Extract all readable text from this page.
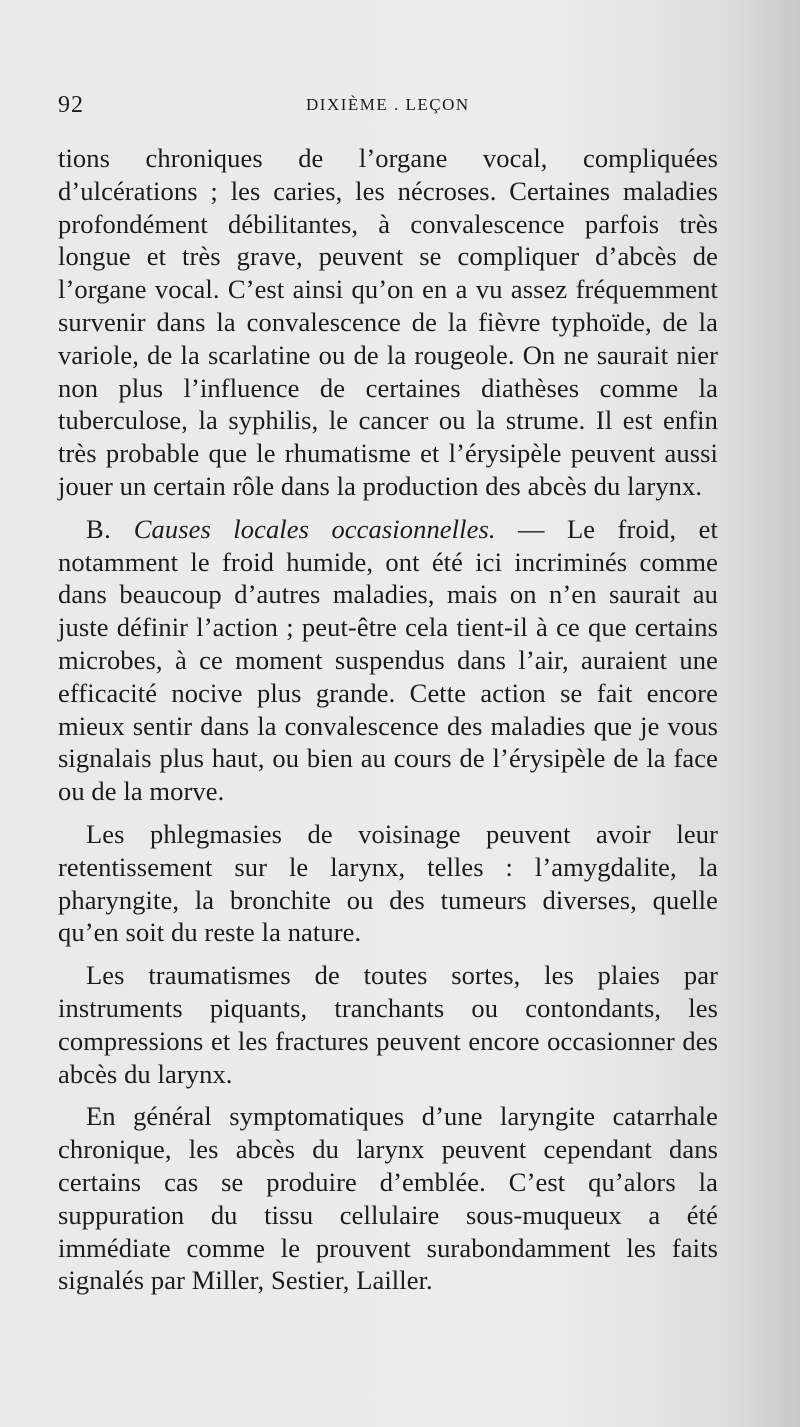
92	DIXIÈME . LEÇON

tions chroniques de l’organe vocal, compliquées d’ulcérations ; les caries, les nécroses. Certaines maladies profondément débilitantes, à convalescence parfois très longue et très grave, peuvent se compliquer d’abcès de l’organe vocal. C’est ainsi qu’on en a vu assez fréquemment survenir dans la convalescence de la fièvre typhoïde, de la variole, de la scarlatine ou de la rougeole. On ne saurait nier non plus l’influence de certaines diathèses comme la tuberculose, la syphilis, le cancer ou la strume. Il est enfin très probable que le rhumatisme et l’érysipèle peuvent aussi jouer un certain rôle dans la production des abcès du larynx.

B. Causes locales occasionnelles. — Le froid, et notamment le froid humide, ont été ici incriminés comme dans beaucoup d’autres maladies, mais on n’en saurait au juste définir l’action ; peut-être cela tient-il à ce que certains microbes, à ce moment suspendus dans l’air, auraient une efficacité nocive plus grande. Cette action se fait encore mieux sentir dans la convalescence des maladies que je vous signalais plus haut, ou bien au cours de l’érysipèle de la face ou de la morve.

Les phlegmasies de voisinage peuvent avoir leur retentissement sur le larynx, telles : l’amygdalite, la pharyngite, la bronchite ou des tumeurs diverses, quelle qu’en soit du reste la nature.

Les traumatismes de toutes sortes, les plaies par instruments piquants, tranchants ou contondants, les compressions et les fractures peuvent encore occasionner des abcès du larynx.

En général symptomatiques d’une laryngite catarrhale chronique, les abcès du larynx peuvent cependant dans certains cas se produire d’emblée. C’est qu’alors la suppuration du tissu cellulaire sous-muqueux a été immédiate comme le prouvent surabondamment les faits signalés par Miller, Sestier, Lailler.
